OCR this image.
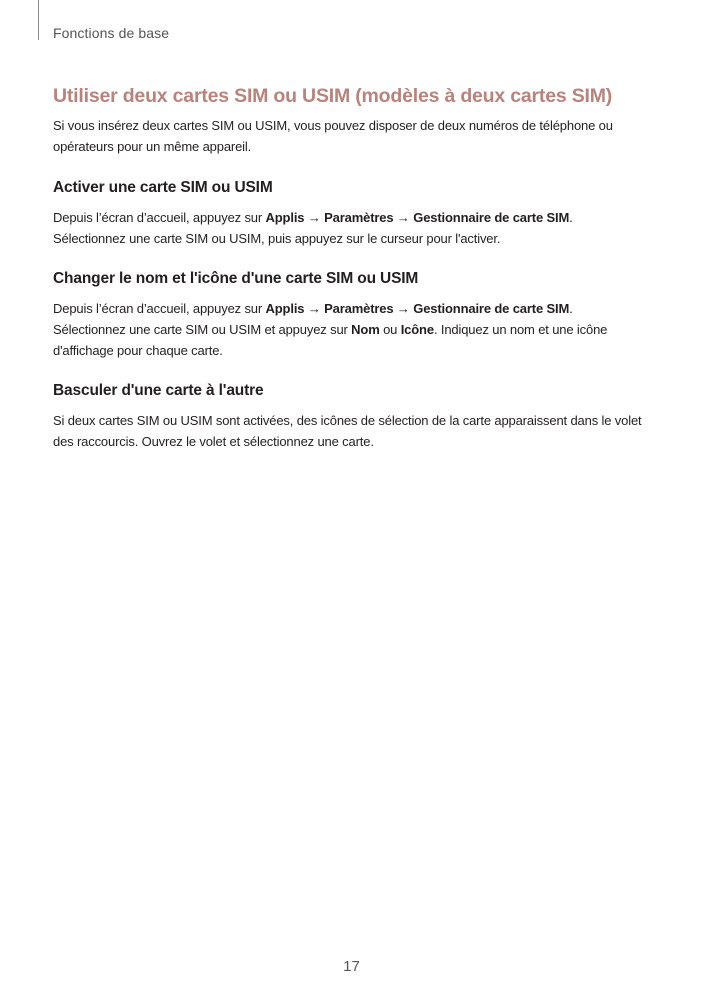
Fonctions de base
Utiliser deux cartes SIM ou USIM (modèles à deux cartes SIM)

Si vous insérez deux cartes SIM ou USIM, vous pouvez disposer de deux numéros de téléphone ou opérateurs pour un même appareil.

Activer une carte SIM ou USIM

Depuis l’écran d’accueil, appuyez sur Applis → Paramètres → Gestionnaire de carte SIM.
Sélectionnez une carte SIM ou USIM, puis appuyez sur le curseur pour l'activer.

Changer le nom et l'icône d'une carte SIM ou USIM

Depuis l’écran d’accueil, appuyez sur Applis → Paramètres → Gestionnaire de carte SIM.
Sélectionnez une carte SIM ou USIM et appuyez sur Nom ou Icône. Indiquez un nom et une icône d'affichage pour chaque carte.

Basculer d'une carte à l'autre

Si deux cartes SIM ou USIM sont activées, des icônes de sélection de la carte apparaissent dans le volet des raccourcis. Ouvrez le volet et sélectionnez une carte.

17
